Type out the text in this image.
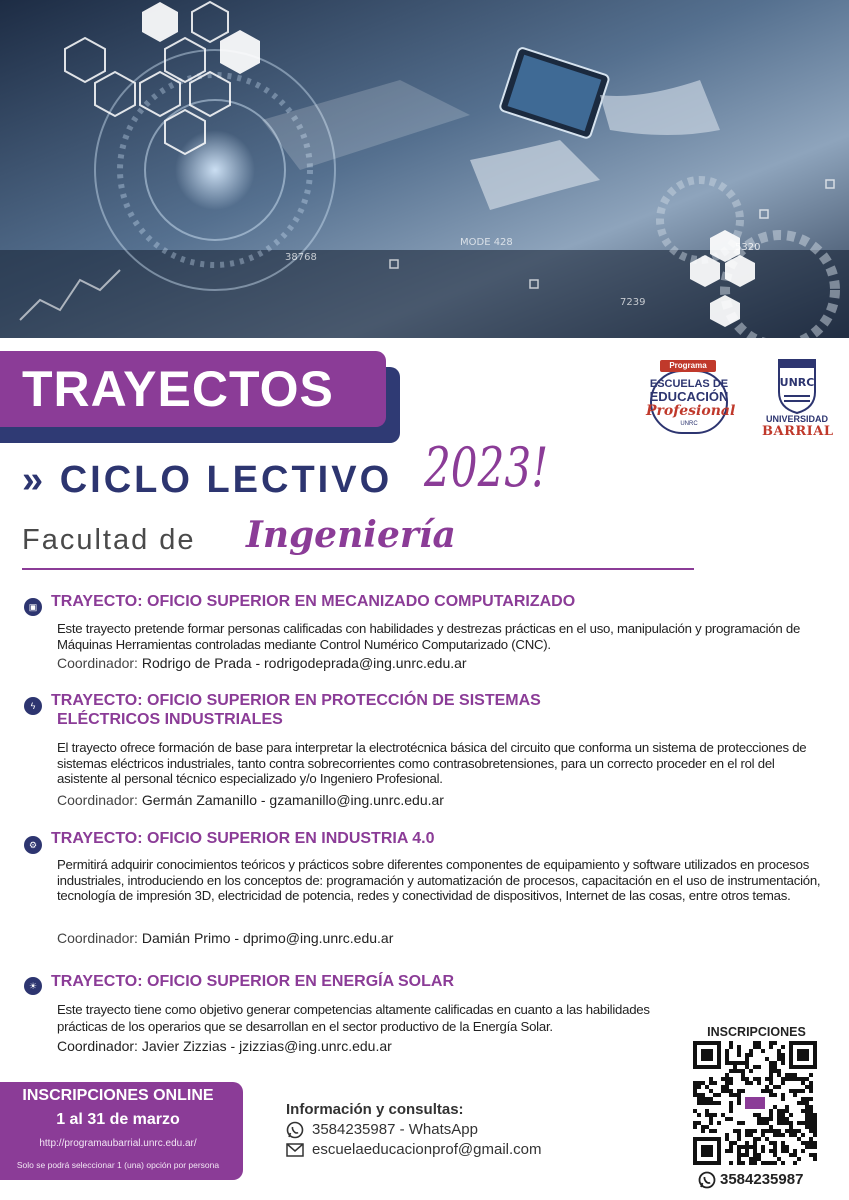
5320
MODE 428
7239
38768
TRAYECTOS
» CICLO LECTIVO 2023!
Facultad de Ingeniería
Programa
ESCUELAS DE
EDUCACIÓN
Profesional
UNRC
UNRC
UNIVERSIDAD
BARRIAL
▣ TRAYECTO: OFICIO SUPERIOR EN MECANIZADO COMPUTARIZADO
Este trayecto pretende formar personas calificadas con habilidades y destrezas prácticas en el uso, manipulación y programación de Máquinas Herramientas controladas mediante Control Numérico Computarizado (CNC).
Coordinador: Rodrigo de Prada - rodrigodeprada@ing.unrc.edu.ar
ϟ TRAYECTO: OFICIO SUPERIOR EN PROTECCIÓN DE SISTEMAS
ELÉCTRICOS INDUSTRIALES
El trayecto ofrece formación de base para interpretar la electrotécnica básica del circuito que conforma un sistema de protecciones de sistemas eléctricos industriales, tanto contra sobrecorrientes como contrasobretensiones, para un correcto proceder en el rol del asistente al personal técnico especializado y/o Ingeniero Profesional.
Coordinador: Germán Zamanillo - gzamanillo@ing.unrc.edu.ar
⚙ TRAYECTO: OFICIO SUPERIOR EN INDUSTRIA 4.0
Permitirá adquirir conocimientos teóricos y prácticos sobre diferentes componentes de equipamiento y software utilizados en procesos industriales, introduciendo en los conceptos de: programación y automatización de procesos, capacitación en el uso de instrumentación, tecnología de impresión 3D, electricidad de potencia, redes y conectividad de dispositivos, Internet de las cosas, entre otros temas.
Coordinador: Damián Primo - dprimo@ing.unrc.edu.ar
☀ TRAYECTO: OFICIO SUPERIOR EN ENERGÍA SOLAR
Este trayecto tiene como objetivo generar competencias altamente calificadas en cuanto a las habilidades
prácticas de los operarios que se desarrollan en el sector productivo de la Energía Solar.
Coordinador: Javier Zizzias - jzizzias@ing.unrc.edu.ar
INSCRIPCIONES ONLINE
1 al 31 de marzo
http://programaubarrial.unrc.edu.ar/
Solo se podrá seleccionar 1 (una) opción por persona
Información y consultas:
3584235987 - WhatsApp
escuelaeducacionprof@gmail.com
INSCRIPCIONES
3584235987
